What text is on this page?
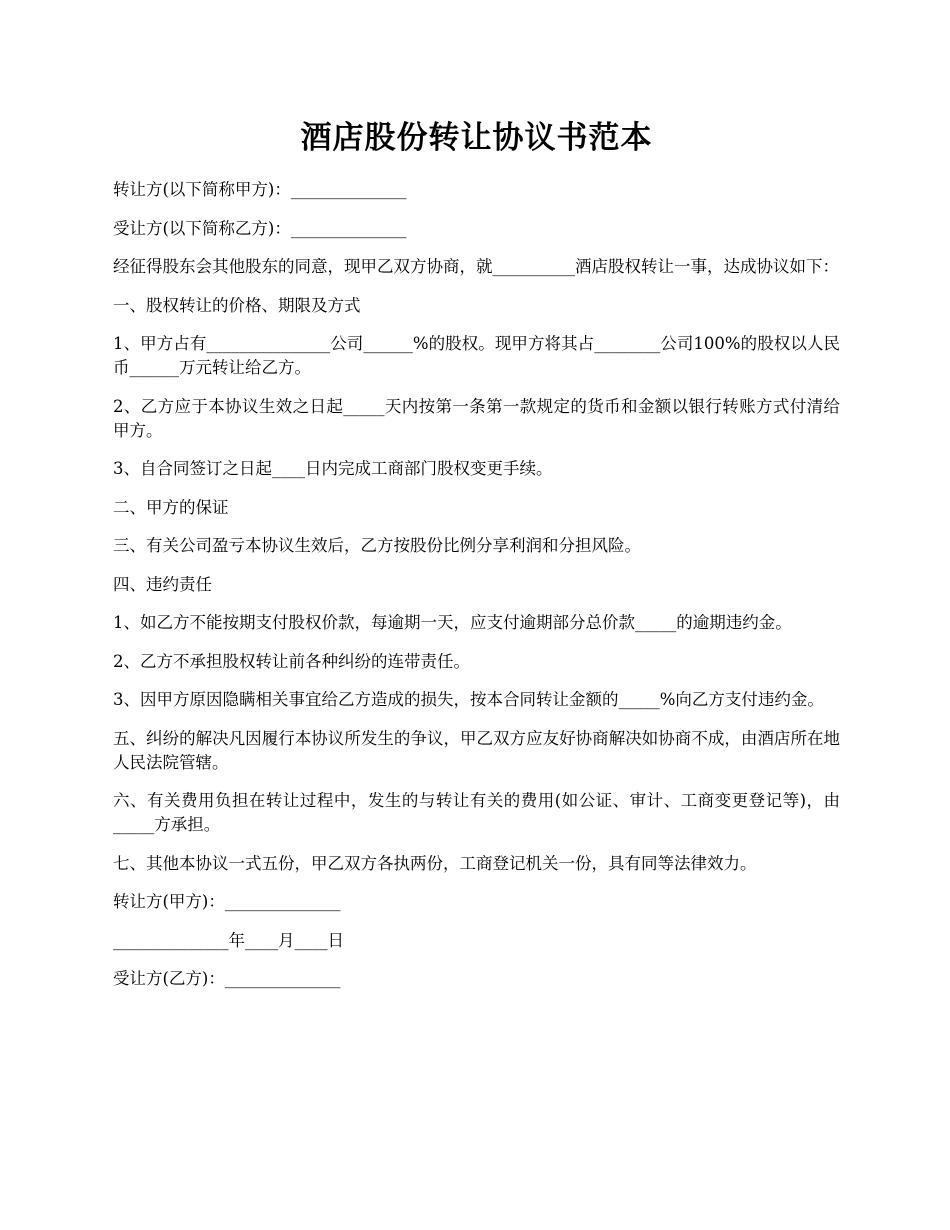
酒店股份转让协议书范本

转让方(以下简称甲方)：______________

受让方(以下简称乙方)：______________

经征得股东会其他股东的同意，现甲乙双方协商，就__________酒店股权转让一事，达成协议如下：

一、股权转让的价格、期限及方式

1、甲方占有_______________公司______%的股权。现甲方将其占________公司100%的股权以人民币______万元转让给乙方。

2、乙方应于本协议生效之日起_____天内按第一条第一款规定的货币和金额以银行转账方式付清给甲方。

3、自合同签订之日起____日内完成工商部门股权变更手续。

二、甲方的保证

三、有关公司盈亏本协议生效后，乙方按股份比例分享利润和分担风险。

四、违约责任

1、如乙方不能按期支付股权价款，每逾期一天，应支付逾期部分总价款_____的逾期违约金。

2、乙方不承担股权转让前各种纠纷的连带责任。

3、因甲方原因隐瞒相关事宜给乙方造成的损失，按本合同转让金额的_____%向乙方支付违约金。

五、纠纷的解决凡因履行本协议所发生的争议，甲乙双方应友好协商解决如协商不成，由酒店所在地人民法院管辖。

六、有关费用负担在转让过程中，发生的与转让有关的费用(如公证、审计、工商变更登记等)，由_____方承担。

七、其他本协议一式五份，甲乙双方各执两份，工商登记机关一份，具有同等法律效力。

转让方(甲方)：______________

______________年____月____日

受让方(乙方)：______________
